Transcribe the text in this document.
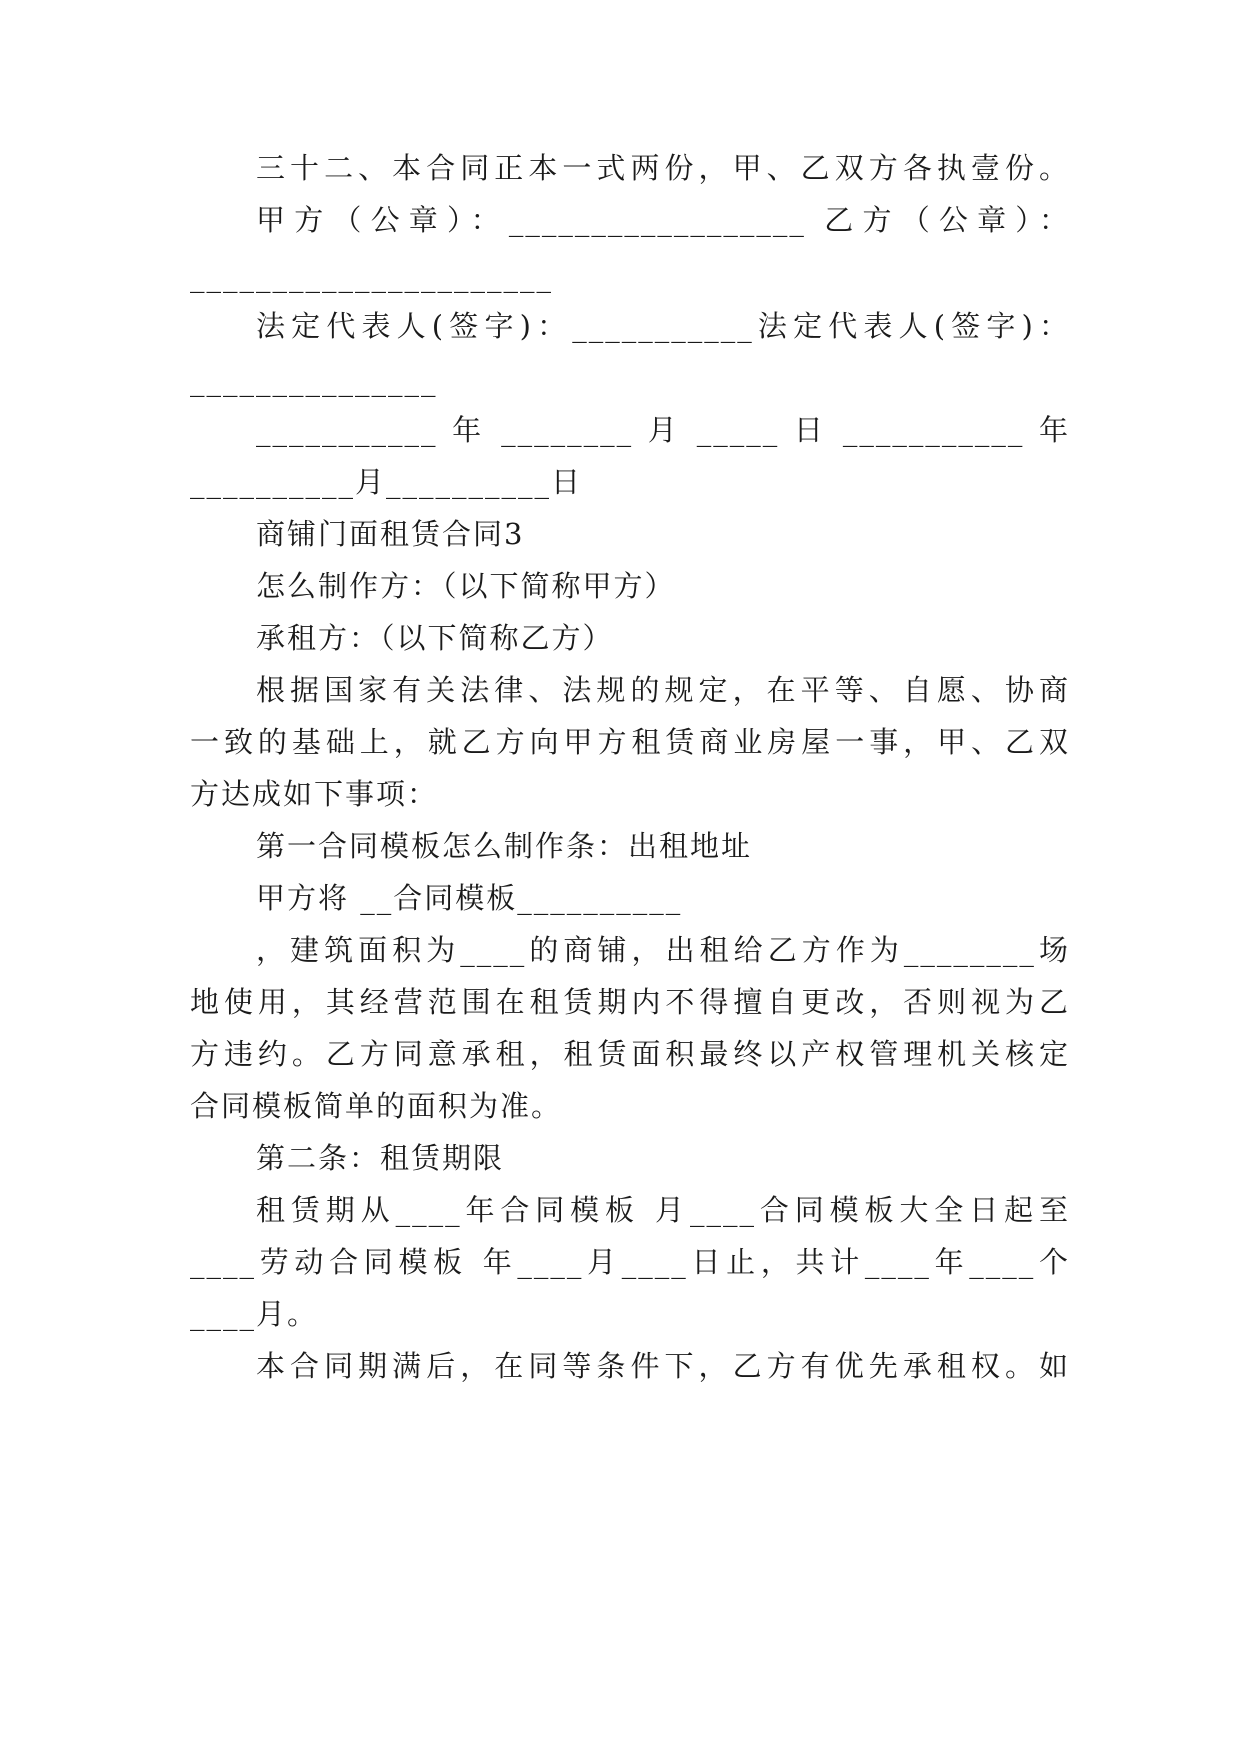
三十二、本合同正本一式两份，甲、乙双方各执壹份。
甲方（公章）：__________________ 乙方（公章）：
______________________
法定代表人(签字)：___________法定代表人(签字)：
_______________
___________ 年 ________ 月 _____ 日 ___________ 年
__________月__________日
商铺门面租赁合同3
怎么制作方：（以下简称甲方）
承租方：（以下简称乙方）
根据国家有关法律、法规的规定，在平等、自愿、协商
一致的基础上，就乙方向甲方租赁商业房屋一事，甲、乙双
方达成如下事项：
第一合同模板怎么制作条：出租地址
甲方将 __合同模板__________
，建筑面积为____的商铺，出租给乙方作为________场
地使用，其经营范围在租赁期内不得擅自更改，否则视为乙
方违约。乙方同意承租，租赁面积最终以产权管理机关核定
合同模板简单的面积为准。
第二条：租赁期限
租赁期从____年合同模板 月____合同模板大全日起至
____劳动合同模板 年____月____日止，共计____年____个
____月。
本合同期满后，在同等条件下，乙方有优先承租权。如
